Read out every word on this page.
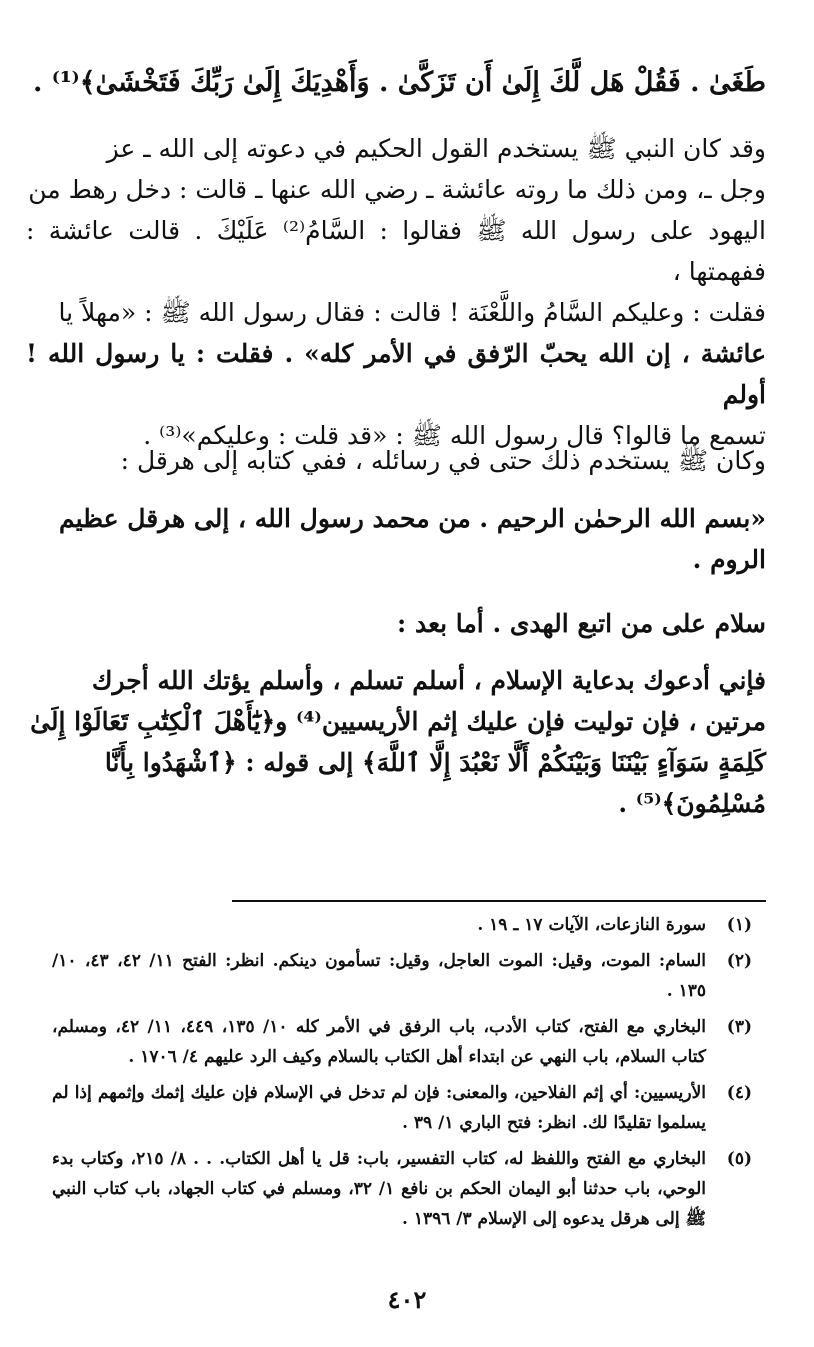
طَغَىٰ . فَقُلْ هَل لَّكَ إِلَىٰ أَن تَزَكَّىٰ . وَأَهْدِيَكَ إِلَىٰ رَبِّكَ فَتَخْشَىٰ﴾⁽¹⁾ .
وقد كان النبي ﷺ يستخدم القول الحكيم في دعوته إلى الله ـ عز
وجل ـ، ومن ذلك ما روته عائشة ـ رضي الله عنها ـ قالت : دخل رهط من
اليهود على رسول الله ﷺ فقالوا : السَّامُ⁽²⁾ عَلَيْكَ . قالت عائشة : ففهمتها ،
فقلت : وعليكم السَّامُ واللَّعْنَة ! قالت : فقال رسول الله ﷺ : «مهلاً يا
عائشة ، إن الله يحبّ الرّفق في الأمر كله» . فقلت : يا رسول الله ! أولم
تسمع ما قالوا؟ قال رسول الله ﷺ : «قد قلت : وعليكم»⁽³⁾ .
وكان ﷺ يستخدم ذلك حتى في رسائله ، ففي كتابه إلى هرقل :
«بسم الله الرحمٰن الرحيم . من محمد رسول الله ، إلى هرقل عظيم
الروم .
سلام على من اتبع الهدى . أما بعد :
فإني أدعوك بدعاية الإسلام ، أسلم تسلم ، وأسلم يؤتك الله أجرك
مرتين ، فإن توليت فإن عليك إثم الأريسيين⁽⁴⁾ و﴿يَٰٓأَهْلَ ٱلْكِتَٰبِ تَعَالَوْا إِلَىٰ
كَلِمَةٍ سَوَآءٍ بَيْنَنَا وَبَيْنَكُمْ أَلَّا نَعْبُدَ إِلَّا ٱللَّهَ﴾ إلى قوله : ﴿ٱشْهَدُوا بِأَنَّا
مُسْلِمُونَ﴾⁽⁵⁾ .
(١)
سورة النازعات، الآيات ١٧ ـ ١٩ .
(٢)
السام: الموت، وقيل: الموت العاجل، وقيل: تسأمون دينكم. انظر: الفتح ١١/ ٤٢، ٤٣، ١٠/ ١٣٥ .
(٣)
البخاري مع الفتح، كتاب الأدب، باب الرفق في الأمر كله ١٠/ ١٣٥، ٤٤٩، ١١/ ٤٢، ومسلم، كتاب السلام، باب النهي عن ابتداء أهل الكتاب بالسلام وكيف الرد عليهم ٤/ ١٧٠٦ .
(٤)
الأريسيين: أي إثم الفلاحين، والمعنى: فإن لم تدخل في الإسلام فإن عليك إثمك وإثمهم إذا لم يسلموا تقليدًا لك. انظر: فتح الباري ١/ ٣٩ .
(٥)
البخاري مع الفتح واللفظ له، كتاب التفسير، باب: قل يا أهل الكتاب. . . ٨/ ٢١٥، وكتاب بدء الوحي، باب حدثنا أبو اليمان الحكم بن نافع ١/ ٣٢، ومسلم في كتاب الجهاد، باب كتاب النبي ﷺ إلى هرقل يدعوه إلى الإسلام ٣/ ١٣٩٦ .
٤٠٢
